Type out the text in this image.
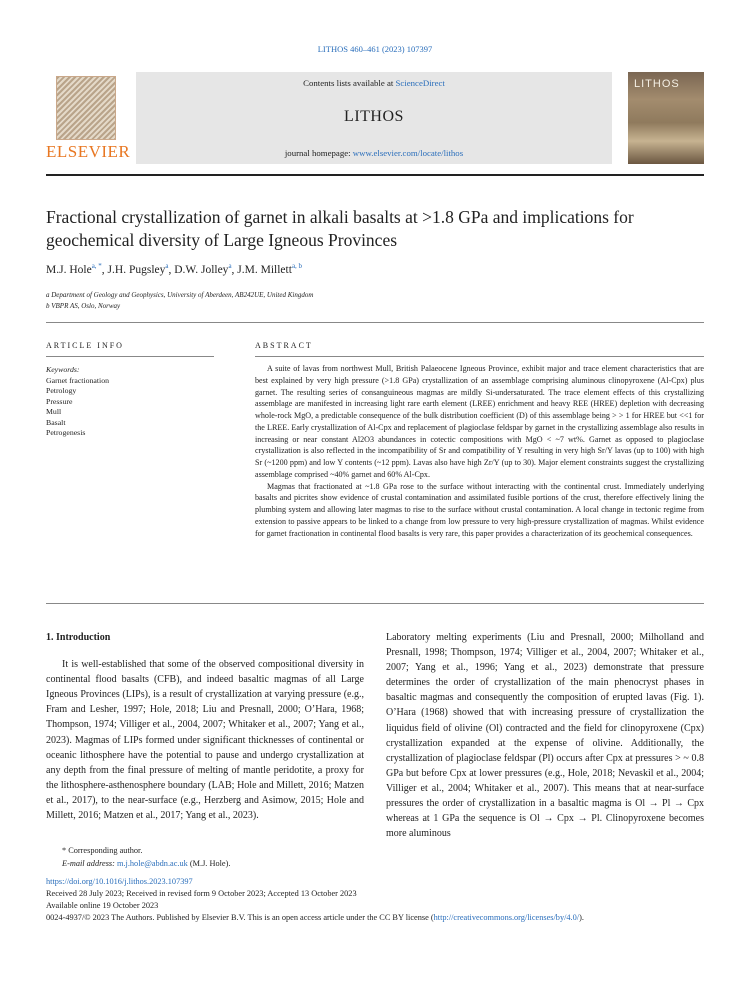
LITHOS 460–461 (2023) 107397
ELSEVIER
Contents lists available at ScienceDirect
LITHOS
journal homepage: www.elsevier.com/locate/lithos
LITHOS
Fractional crystallization of garnet in alkali basalts at >1.8 GPa and implications for geochemical diversity of Large Igneous Provinces
M.J. Hole$^{a, *}$, J.H. Pugsley$^a$, D.W. Jolley$^a$, J.M. Millett$^{a, b}$
a Department of Geology and Geophysics, University of Aberdeen, AB242UE, United Kingdom
b VBPR AS, Oslo, Norway
ARTICLE INFO
Keywords:
Garnet fractionation
Petrology
Pressure
Mull
Basalt
Petrogenesis
ABSTRACT

A suite of lavas from northwest Mull, British Palaeocene Igneous Province, exhibit major and trace element characteristics that are best explained by very high pressure (>1.8 GPa) crystallization of an assemblage comprising aluminous clinopyroxene (Al-Cpx) plus garnet. The resulting series of consanguineous magmas are mildly Si-undersaturated. The trace element effects of this crystallizing assemblage are manifested in increasing light rare earth element (LREE) enrichment and heavy REE (HREE) depletion with decreasing whole-rock MgO, a predictable consequence of the bulk distribution coefficient (D) of this assemblage being > > 1 for HREE but <<1 for the LREE. Early crystallization of Al-Cpx and replacement of plagioclase feldspar by garnet in the crystallizing assemblage also results in increasing or near constant Al2O3 abundances in cotectic compositions with MgO < ~7 wt%. Garnet as opposed to plagioclase crystallization is also reflected in the incompatibility of Sr and compatibility of Y resulting in very high Sr/Y lavas (up to 100) with high Sr (~1200 ppm) and low Y contents (~12 ppm). Lavas also have high Zr/Y (up to 30). Major element constraints suggest the crystallizing assemblage comprised ~40% garnet and 60% Al-Cpx.

Magmas that fractionated at ~1.8 GPa rose to the surface without interacting with the continental crust. Immediately underlying basalts and picrites show evidence of crustal contamination and assimilated fusible portions of the crust, therefore effectively lining the plumbing system and allowing later magmas to rise to the surface without crustal contamination. A local change in tectonic regime from extension to passive appears to be linked to a change from low pressure to very high-pressure crystallization of magmas. Whilst evidence for garnet fractionation in continental flood basalts is very rare, this paper provides a characterization of its geochemical consequences.

1. Introduction

It is well-established that some of the observed compositional diversity in continental flood basalts (CFB), and indeed basaltic magmas of all Large Igneous Provinces (LIPs), is a result of crystallization at varying pressure (e.g., Fram and Lesher, 1997; Hole, 2018; Liu and Presnall, 2000; O’Hara, 1968; Thompson, 1974; Villiger et al., 2004, 2007; Whitaker et al., 2007; Yang et al., 2023). Magmas of LIPs formed under significant thicknesses of continental or oceanic lithosphere have the potential to pause and undergo crystallization at any depth from the final pressure of melting of mantle peridotite, a proxy for the lithosphere-asthenosphere boundary (LAB; Hole and Millett, 2016; Matzen et al., 2017), to the near-surface (e.g., Herzberg and Asimow, 2015; Hole and Millett, 2016; Matzen et al., 2017; Yang et al., 2023).

Laboratory melting experiments (Liu and Presnall, 2000; Milholland and Presnall, 1998; Thompson, 1974; Villiger et al., 2004, 2007; Whitaker et al., 2007; Yang et al., 1996; Yang et al., 2023) demonstrate that pressure determines the order of crystallization of the main phenocryst phases in basaltic magmas and consequently the composition of erupted lavas (Fig. 1). O’Hara (1968) showed that with increasing pressure of crystallization the liquidus field of olivine (Ol) contracted and the field for clinopyroxene (Cpx) crystallization expanded at the expense of olivine. Additionally, the crystallization of plagioclase feldspar (Pl) occurs after Cpx at pressures > ~ 0.8 GPa but before Cpx at lower pressures (e.g., Hole, 2018; Nevaskil et al., 2004; Villiger et al., 2004; Whitaker et al., 2007). This means that at near-surface pressures the order of crystallization in a basaltic magma is Ol → Pl → Cpx whereas at 1 GPa the sequence is Ol → Cpx → Pl. Clinopyroxene becomes more aluminous

* Corresponding author.
E-mail address: m.j.hole@abdn.ac.uk (M.J. Hole).
https://doi.org/10.1016/j.lithos.2023.107397
Received 28 July 2023; Received in revised form 9 October 2023; Accepted 13 October 2023
Available online 19 October 2023
0024-4937/© 2023 The Authors. Published by Elsevier B.V. This is an open access article under the CC BY license (http://creativecommons.org/licenses/by/4.0/).
